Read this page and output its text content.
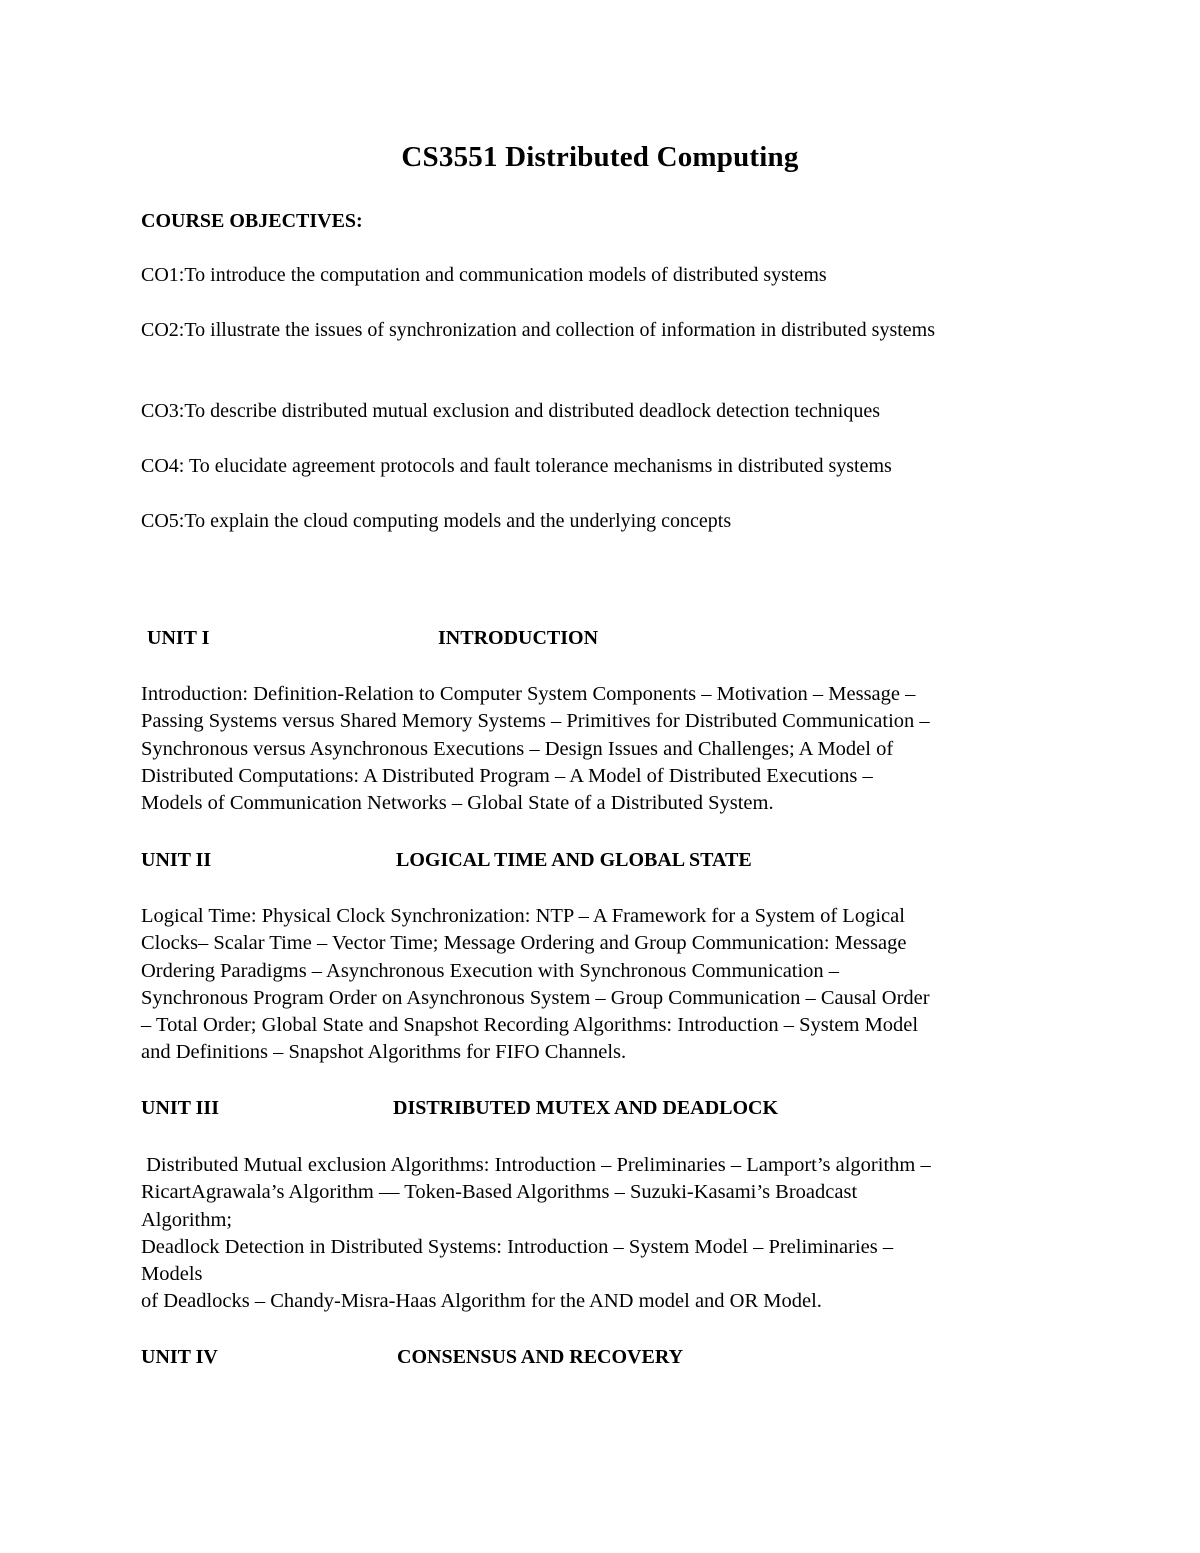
CS3551 Distributed Computing

COURSE OBJECTIVES:

CO1:To introduce the computation and communication models of distributed systems

CO2:To illustrate the issues of synchronization and collection of information in distributed systems

CO3:To describe distributed mutual exclusion and distributed deadlock detection techniques

CO4: To elucidate agreement protocols and fault tolerance mechanisms in distributed systems

CO5:To explain the cloud computing models and the underlying concepts

UNIT I	INTRODUCTION
Introduction: Definition-Relation to Computer System Components – Motivation – Message –
Passing Systems versus Shared Memory Systems – Primitives for Distributed Communication –
Synchronous versus Asynchronous Executions – Design Issues and Challenges; A Model of
Distributed Computations: A Distributed Program – A Model of Distributed Executions –
Models of Communication Networks – Global State of a Distributed System.
UNIT II	LOGICAL TIME AND GLOBAL STATE
Logical Time: Physical Clock Synchronization: NTP – A Framework for a System of Logical
Clocks– Scalar Time – Vector Time; Message Ordering and Group Communication: Message
Ordering Paradigms – Asynchronous Execution with Synchronous Communication –
Synchronous Program Order on Asynchronous System – Group Communication – Causal Order
– Total Order; Global State and Snapshot Recording Algorithms: Introduction – System Model
and Definitions – Snapshot Algorithms for FIFO Channels.
UNIT III	DISTRIBUTED MUTEX AND DEADLOCK
Distributed Mutual exclusion Algorithms: Introduction – Preliminaries – Lamport’s algorithm –
RicartAgrawala’s Algorithm –– Token-Based Algorithms – Suzuki-Kasami’s Broadcast
Algorithm;
Deadlock Detection in Distributed Systems: Introduction – System Model – Preliminaries –
Models
of Deadlocks – Chandy-Misra-Haas Algorithm for the AND model and OR Model.
UNIT IV	CONSENSUS AND RECOVERY
